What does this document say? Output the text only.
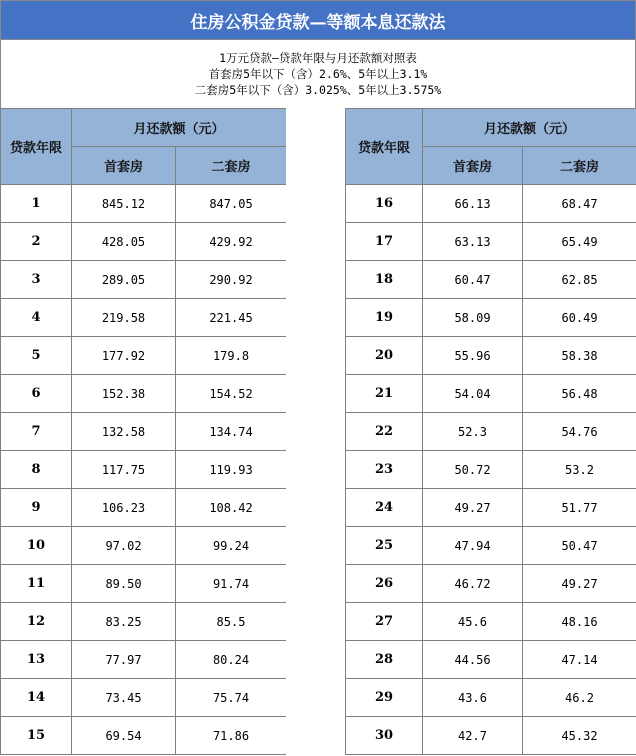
住房公积金贷款—等额本息还款法
1万元贷款—贷款年限与月还款额对照表
首套房5年以下（含）2.6%、5年以上3.1%
二套房5年以下（含）3.025%、5年以上3.575%
贷款年限	月还款额（元）	
	首套房	二套房
1	845.12	847.05
2	428.05	429.92
3	289.05	290.92
4	219.58	221.45
5	177.92	179.8
6	152.38	154.52
7	132.58	134.74
8	117.75	119.93
9	106.23	108.42
10	97.02	99.24
11	89.50	91.74
12	83.25	85.5
13	77.97	80.24
14	73.45	75.74
15	69.54	71.86
贷款年限	月还款额（元）	
	首套房	二套房
16	66.13	68.47
17	63.13	65.49
18	60.47	62.85
19	58.09	60.49
20	55.96	58.38
21	54.04	56.48
22	52.3	54.76
23	50.72	53.2
24	49.27	51.77
25	47.94	50.47
26	46.72	49.27
27	45.6	48.16
28	44.56	47.14
29	43.6	46.2
30	42.7	45.32
